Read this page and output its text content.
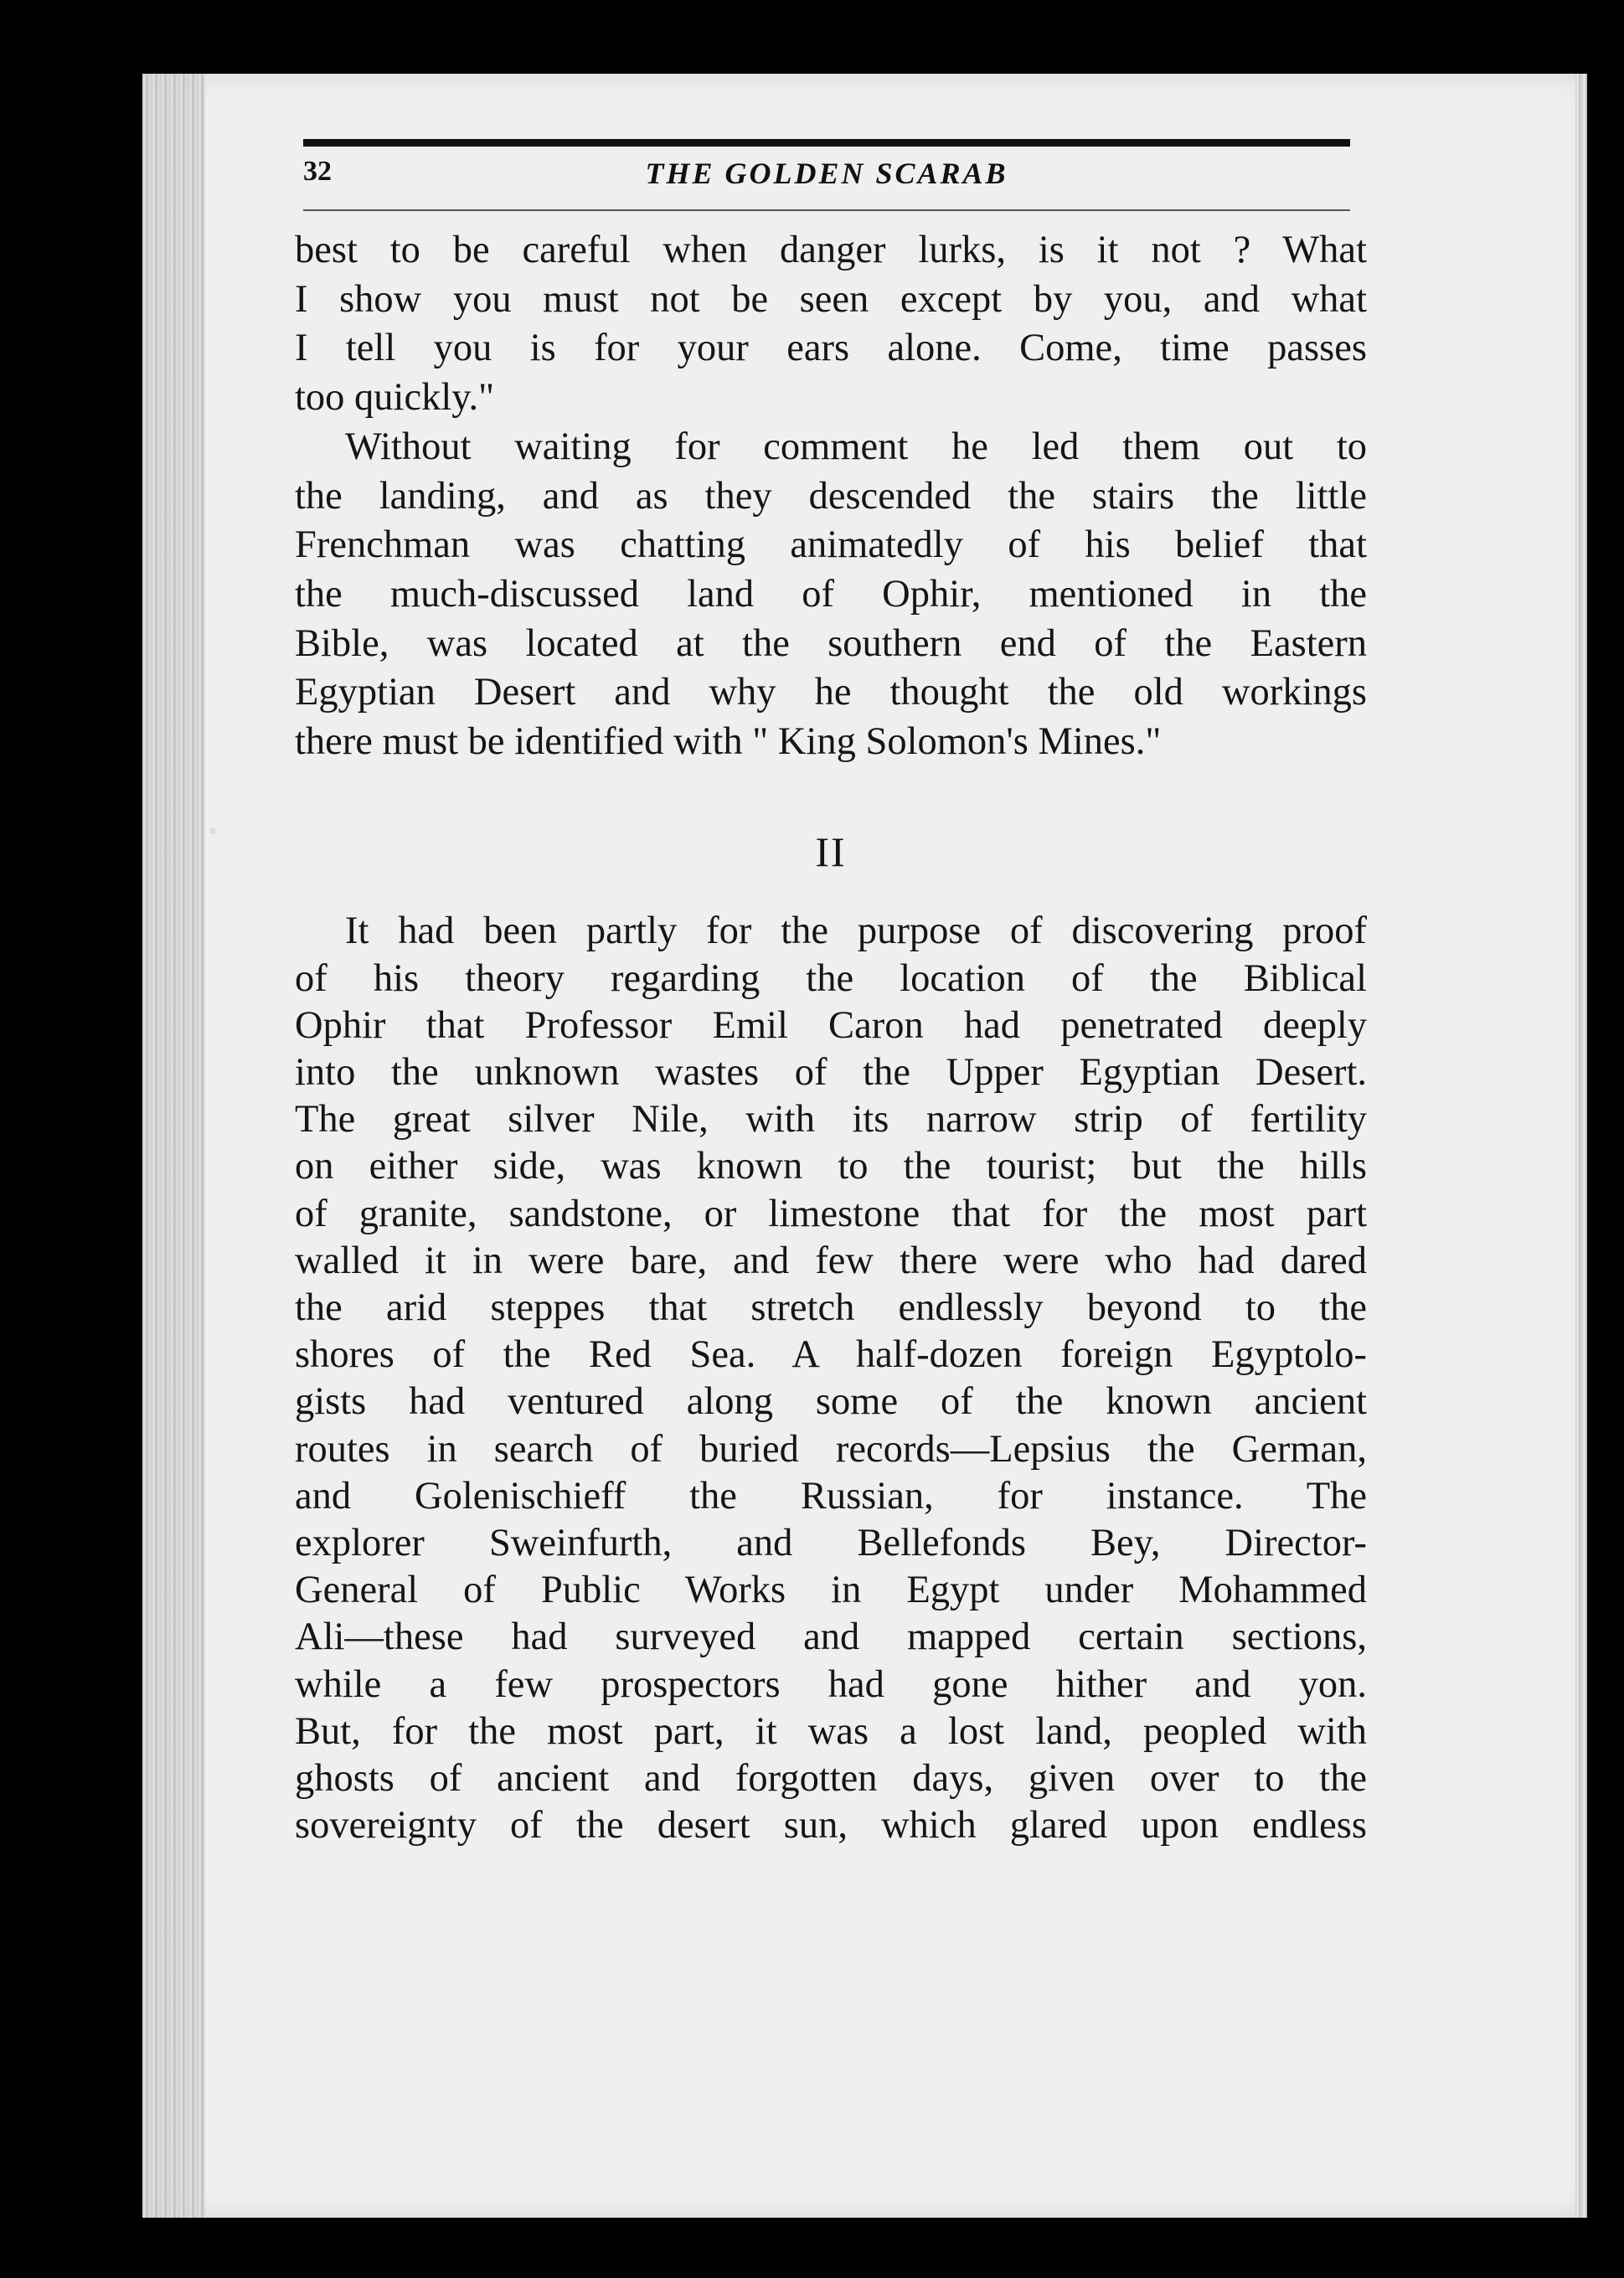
32	THE GOLDEN SCARAB
best to be careful when danger lurks, is it not ? What
I show you must not be seen except by you, and what
I tell you is for your ears alone. Come, time passes
too quickly."
Without waiting for comment he led them out to
the landing, and as they descended the stairs the little
Frenchman was chatting animatedly of his belief that
the much-discussed land of Ophir, mentioned in the
Bible, was located at the southern end of the Eastern
Egyptian Desert and why he thought the old workings
there must be identified with " King Solomon's Mines."
II
It had been partly for the purpose of discovering proof
of his theory regarding the location of the Biblical
Ophir that Professor Emil Caron had penetrated deeply
into the unknown wastes of the Upper Egyptian Desert.
The great silver Nile, with its narrow strip of fertility
on either side, was known to the tourist; but the hills
of granite, sandstone, or limestone that for the most part
walled it in were bare, and few there were who had dared
the arid steppes that stretch endlessly beyond to the
shores of the Red Sea. A half-dozen foreign Egyptolo-
gists had ventured along some of the known ancient
routes in search of buried records—Lepsius the German,
and Golenischieff the Russian, for instance. The
explorer Sweinfurth, and Bellefonds Bey, Director-
General of Public Works in Egypt under Mohammed
Ali—these had surveyed and mapped certain sections,
while a few prospectors had gone hither and yon.
But, for the most part, it was a lost land, peopled with
ghosts of ancient and forgotten days, given over to the
sovereignty of the desert sun, which glared upon endless
